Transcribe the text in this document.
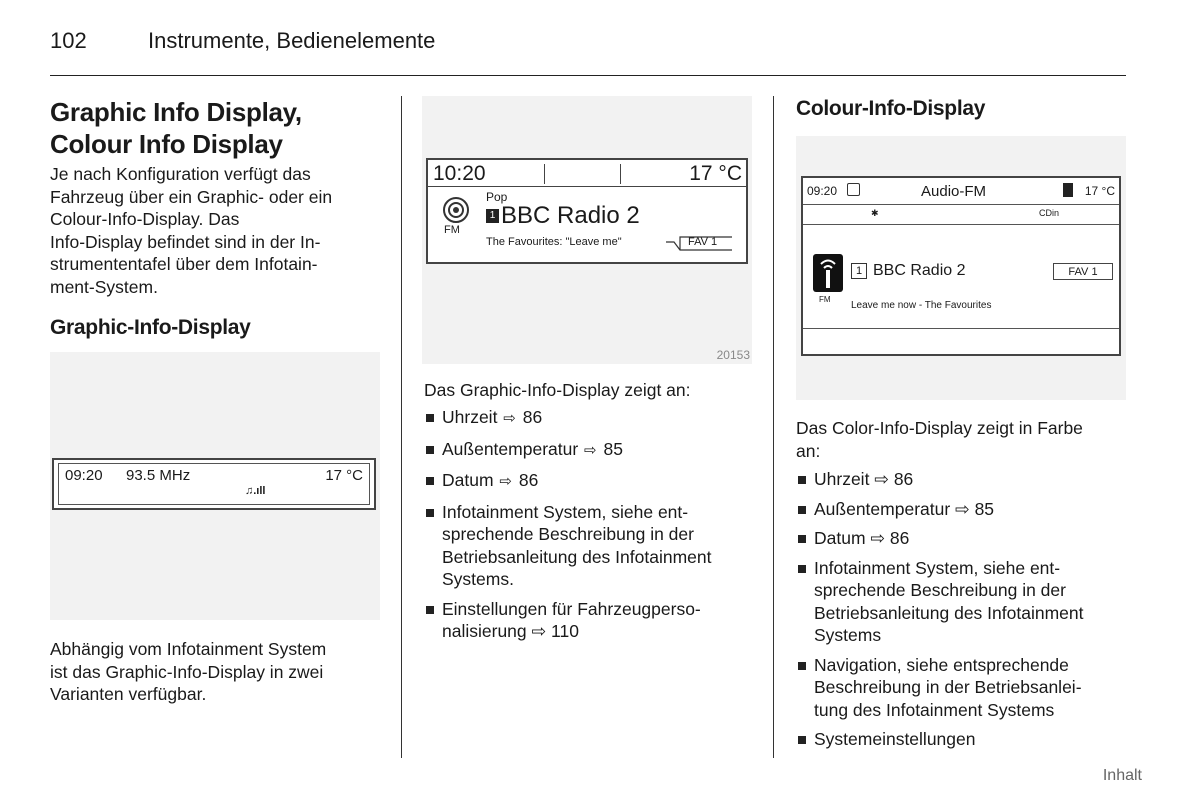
102	Instrumente, Bedienelemente
Graphic Info Display,
Colour Info Display

Je nach Konfiguration verfügt das

Fahrzeug über ein Graphic- oder ein

Colour-Info-Display. Das

Info-Display befindet sind in der In-

strumententafel über dem Infotain-

ment-System.

Graphic-Info-Display
09:20 93.5 MHz	17 °C
♫.ıll

Abhängig vom Infotainment System

ist das Graphic-Info-Display in zwei

Varianten verfügbar.

10:20	17 °C
FM
Pop
1 BBC Radio 2
The Favourites: "Leave me"	FAV 1
20153
Das Graphic-Info-Display zeigt an:
Uhrzeit ⇨ 86
Außentemperatur ⇨ 85
Datum ⇨ 86
Infotainment System, siehe ent-
sprechende Beschreibung in der
Betriebsanleitung des Infotainment
Systems.
Einstellungen für Fahrzeugperso-
nalisierung ⇨ 110
Colour-Info-Display
09:20	Audio-FM	17 °C
✱	CDin
FM
1 BBC Radio 2	FAV 1
Leave me now - The Favourites

Das Color-Info-Display zeigt in Farbe

an:

Uhrzeit ⇨ 86
Außentemperatur ⇨ 85
Datum ⇨ 86
Infotainment System, siehe ent-
sprechende Beschreibung in der
Betriebsanleitung des Infotainment
Systems
Navigation, siehe entsprechende
Beschreibung in der Betriebsanlei-
tung des Infotainment Systems
Systemeinstellungen
Inhalt
